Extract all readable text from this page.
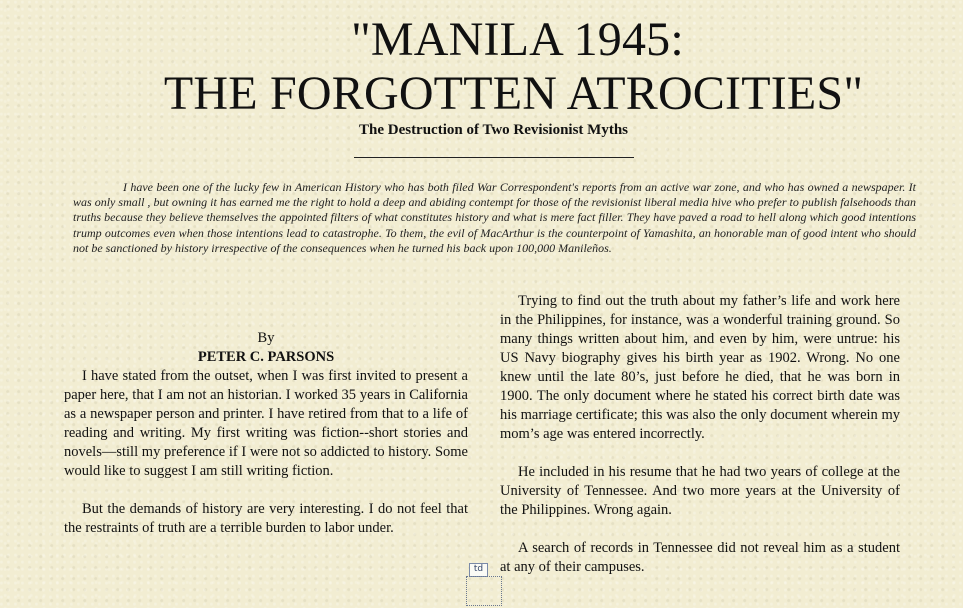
"MANILA 1945:
THE FORGOTTEN ATROCITIES"
The Destruction of Two Revisionist Myths
I have been one of the lucky few in American History who has both filed War Correspondent's reports from an active war zone, and who has owned a newspaper. It was only small , but owning it has earned me the right to hold a deep and abiding contempt for those of the revisionist liberal media hive who prefer to publish falsehoods than truths because they believe themselves the appointed filters of what constitutes history and what is mere fact filler. They have paved a road to hell along which good intentions trump outcomes even when those intentions lead to catastrophe. To them, the evil of MacArthur is the counterpoint of Yamashita, an honorable man of good intent who should not be sanctioned by history irrespective of the consequences when he turned his back upon 100,000 Manileños.

By

PETER C. PARSONS

I have stated from the outset, when I was first invited to present a paper here, that I am not an historian. I worked 35 years in California as a newspaper person and printer. I have retired from that to a life of reading and writing. My first writing was fiction--short stories and novels—still my preference if I were not so addicted to history. Some would like to suggest I am still writing fiction.

But the demands of history are very interesting. I do not feel that the restraints of truth are a terrible burden to labor under.

Trying to find out the truth about my father’s life and work here in the Philippines, for instance, was a wonderful training ground. So many things written about him, and even by him, were untrue: his US Navy biography gives his birth year as 1902. Wrong. No one knew until the late 80’s, just before he died, that he was born in 1900. The only document where he stated his correct birth date was his marriage certificate; this was also the only document wherein my mom’s age was entered incorrectly.

He included in his resume that he had two years of college at the University of Tennessee. And two more years at the University of the Philippines. Wrong again.

A search of records in Tennessee did not reveal him as a student at any of their campuses.

td
